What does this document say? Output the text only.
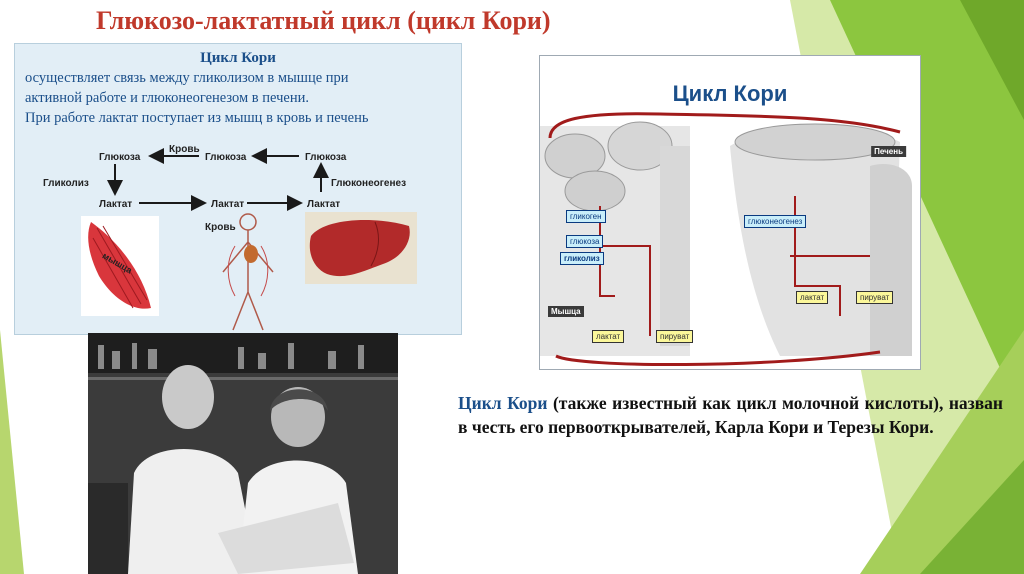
Глюкозо-лактатный цикл (цикл Кори)
Цикл Кори
осуществляет связь между гликолизом в мышце при
активной работе и глюконеогенезом в печени.
При работе лактат поступает из мышц в кровь и печень
Глюкоза
Кровь
Глюкоза	Глюкоза
Гликолиз	Глюконеогенез
Лактат	Лактат	Лактат
Кровь
мышца
Цикл Кори
Печень
Мышца
гликоген
глюкоза
гликолиз
лактат	пируват
глюконеогенез
лактат	пируват
Цикл Кори (также известный как цикл молочной кислоты), назван в честь его первооткрывателей, Карла Кори и Терезы Кори.
